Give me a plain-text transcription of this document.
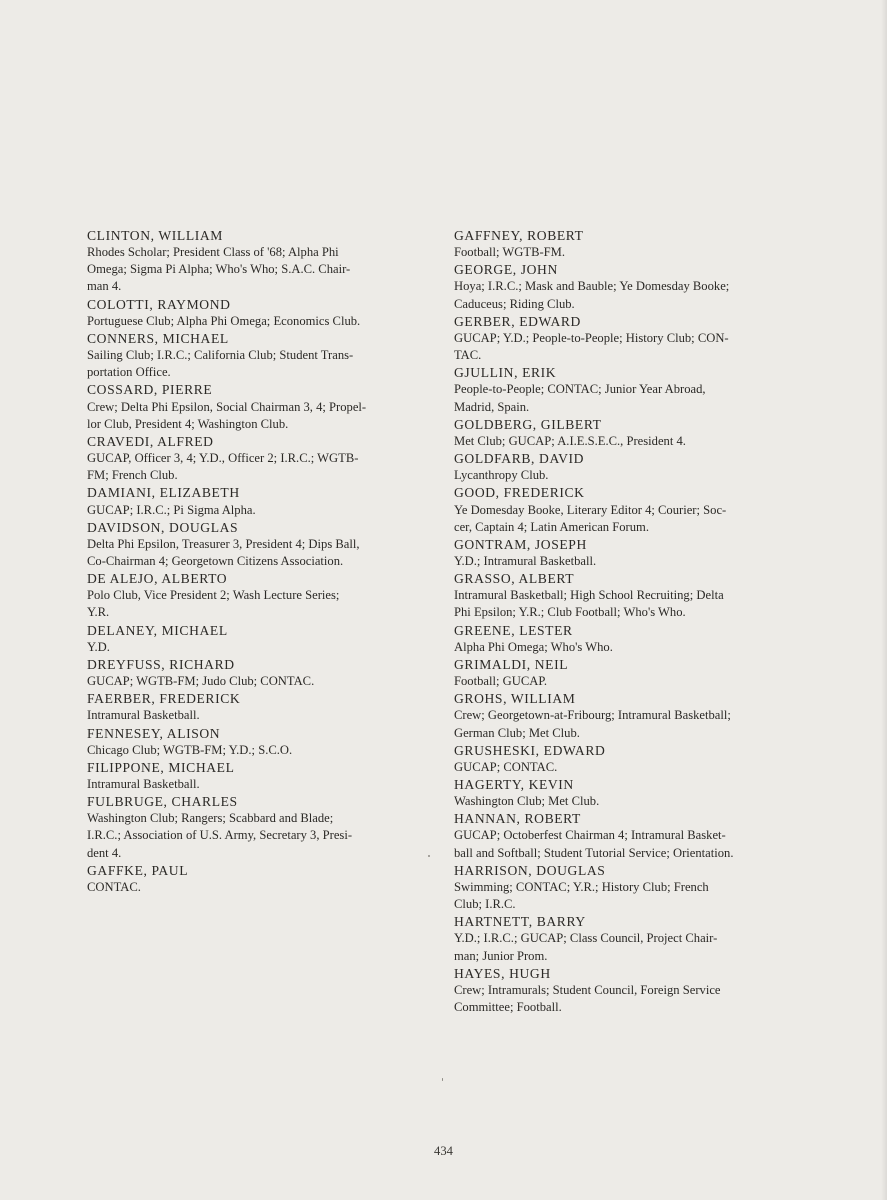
CLINTON, WILLIAM
Rhodes Scholar; President Class of '68; Alpha Phi
Omega; Sigma Pi Alpha; Who's Who; S.A.C. Chair-
man 4.
COLOTTI, RAYMOND
Portuguese Club; Alpha Phi Omega; Economics Club.
CONNERS, MICHAEL
Sailing Club; I.R.C.; California Club; Student Trans-
portation Office.
COSSARD, PIERRE
Crew; Delta Phi Epsilon, Social Chairman 3, 4; Propel-
lor Club, President 4; Washington Club.
CRAVEDI, ALFRED
GUCAP, Officer 3, 4; Y.D., Officer 2; I.R.C.; WGTB-
FM; French Club.
DAMIANI, ELIZABETH
GUCAP; I.R.C.; Pi Sigma Alpha.
DAVIDSON, DOUGLAS
Delta Phi Epsilon, Treasurer 3, President 4; Dips Ball,
Co-Chairman 4; Georgetown Citizens Association.
DE ALEJO, ALBERTO
Polo Club, Vice President 2; Wash Lecture Series;
Y.R.
DELANEY, MICHAEL
Y.D.
DREYFUSS, RICHARD
GUCAP; WGTB-FM; Judo Club; CONTAC.
FAERBER, FREDERICK
Intramural Basketball.
FENNESEY, ALISON
Chicago Club; WGTB-FM; Y.D.; S.C.O.
FILIPPONE, MICHAEL
Intramural Basketball.
FULBRUGE, CHARLES
Washington Club; Rangers; Scabbard and Blade;
I.R.C.; Association of U.S. Army, Secretary 3, Presi-
dent 4.
GAFFKE, PAUL
CONTAC.
GAFFNEY, ROBERT
Football; WGTB-FM.
GEORGE, JOHN
Hoya; I.R.C.; Mask and Bauble; Ye Domesday Booke;
Caduceus; Riding Club.
GERBER, EDWARD
GUCAP; Y.D.; People-to-People; History Club; CON-
TAC.
GJULLIN, ERIK
People-to-People; CONTAC; Junior Year Abroad,
Madrid, Spain.
GOLDBERG, GILBERT
Met Club; GUCAP; A.I.E.S.E.C., President 4.
GOLDFARB, DAVID
Lycanthropy Club.
GOOD, FREDERICK
Ye Domesday Booke, Literary Editor 4; Courier; Soc-
cer, Captain 4; Latin American Forum.
GONTRAM, JOSEPH
Y.D.; Intramural Basketball.
GRASSO, ALBERT
Intramural Basketball; High School Recruiting; Delta
Phi Epsilon; Y.R.; Club Football; Who's Who.
GREENE, LESTER
Alpha Phi Omega; Who's Who.
GRIMALDI, NEIL
Football; GUCAP.
GROHS, WILLIAM
Crew; Georgetown-at-Fribourg; Intramural Basketball;
German Club; Met Club.
GRUSHESKI, EDWARD
GUCAP; CONTAC.
HAGERTY, KEVIN
Washington Club; Met Club.
HANNAN, ROBERT
GUCAP; Octoberfest Chairman 4; Intramural Basket-
ball and Softball; Student Tutorial Service; Orientation.
HARRISON, DOUGLAS
Swimming; CONTAC; Y.R.; History Club; French
Club; I.R.C.
HARTNETT, BARRY
Y.D.; I.R.C.; GUCAP; Class Council, Project Chair-
man; Junior Prom.
HAYES, HUGH
Crew; Intramurals; Student Council, Foreign Service
Committee; Football.
434
